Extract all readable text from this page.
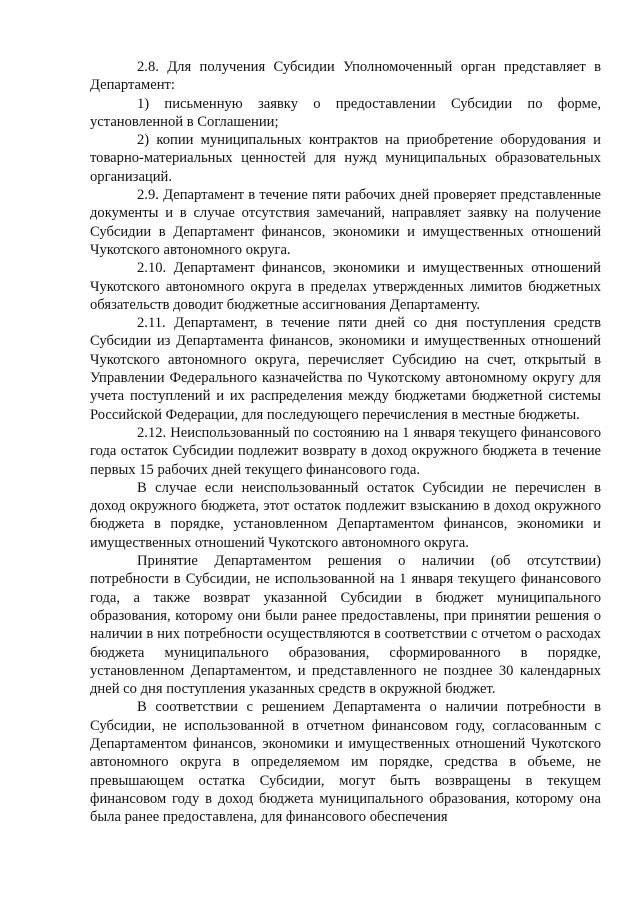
2.8. Для получения Субсидии Уполномоченный орган представляет в Департамент:

1) письменную заявку о предоставлении Субсидии по форме, установленной в Соглашении;

2) копии муниципальных контрактов на приобретение оборудования и товарно-материальных ценностей для нужд муниципальных образовательных организаций.

2.9. Департамент в течение пяти рабочих дней проверяет представленные документы и в случае отсутствия замечаний, направляет заявку на получение Субсидии в Департамент финансов, экономики и имущественных отношений Чукотского автономного округа.

2.10. Департамент финансов, экономики и имущественных отношений Чукотского автономного округа в пределах утвержденных лимитов бюджетных обязательств доводит бюджетные ассигнования Департаменту.

2.11. Департамент, в течение пяти дней со дня поступления средств Субсидии из Департамента финансов, экономики и имущественных отношений Чукотского автономного округа, перечисляет Субсидию на счет, открытый в Управлении Федерального казначейства по Чукотскому автономному округу для учета поступлений и их распределения между бюджетами бюджетной системы Российской Федерации, для последующего перечисления в местные бюджеты.

2.12. Неиспользованный по состоянию на 1 января текущего финансового года остаток Субсидии подлежит возврату в доход окружного бюджета в течение первых 15 рабочих дней текущего финансового года.

В случае если неиспользованный остаток Субсидии не перечислен в доход окружного бюджета, этот остаток подлежит взысканию в доход окружного бюджета в порядке, установленном Департаментом финансов, экономики и имущественных отношений Чукотского автономного округа.

Принятие Департаментом решения о наличии (об отсутствии) потребности в Субсидии, не использованной на 1 января текущего финансового года, а также возврат указанной Субсидии в бюджет муниципального образования, которому они были ранее предоставлены, при принятии решения о наличии в них потребности осуществляются в соответствии с отчетом о расходах бюджета муниципального образования, сформированного в порядке, установленном Департаментом, и представленного не позднее 30 календарных дней со дня поступления указанных средств в окружной бюджет.

В соответствии с решением Департамента о наличии потребности в Субсидии, не использованной в отчетном финансовом году, согласованным с Департаментом финансов, экономики и имущественных отношений Чукотского автономного округа в определяемом им порядке, средства в объеме, не превышающем остатка Субсидии, могут быть возвращены в текущем финансовом году в доход бюджета муниципального образования, которому она была ранее предоставлена, для финансового обеспечения
